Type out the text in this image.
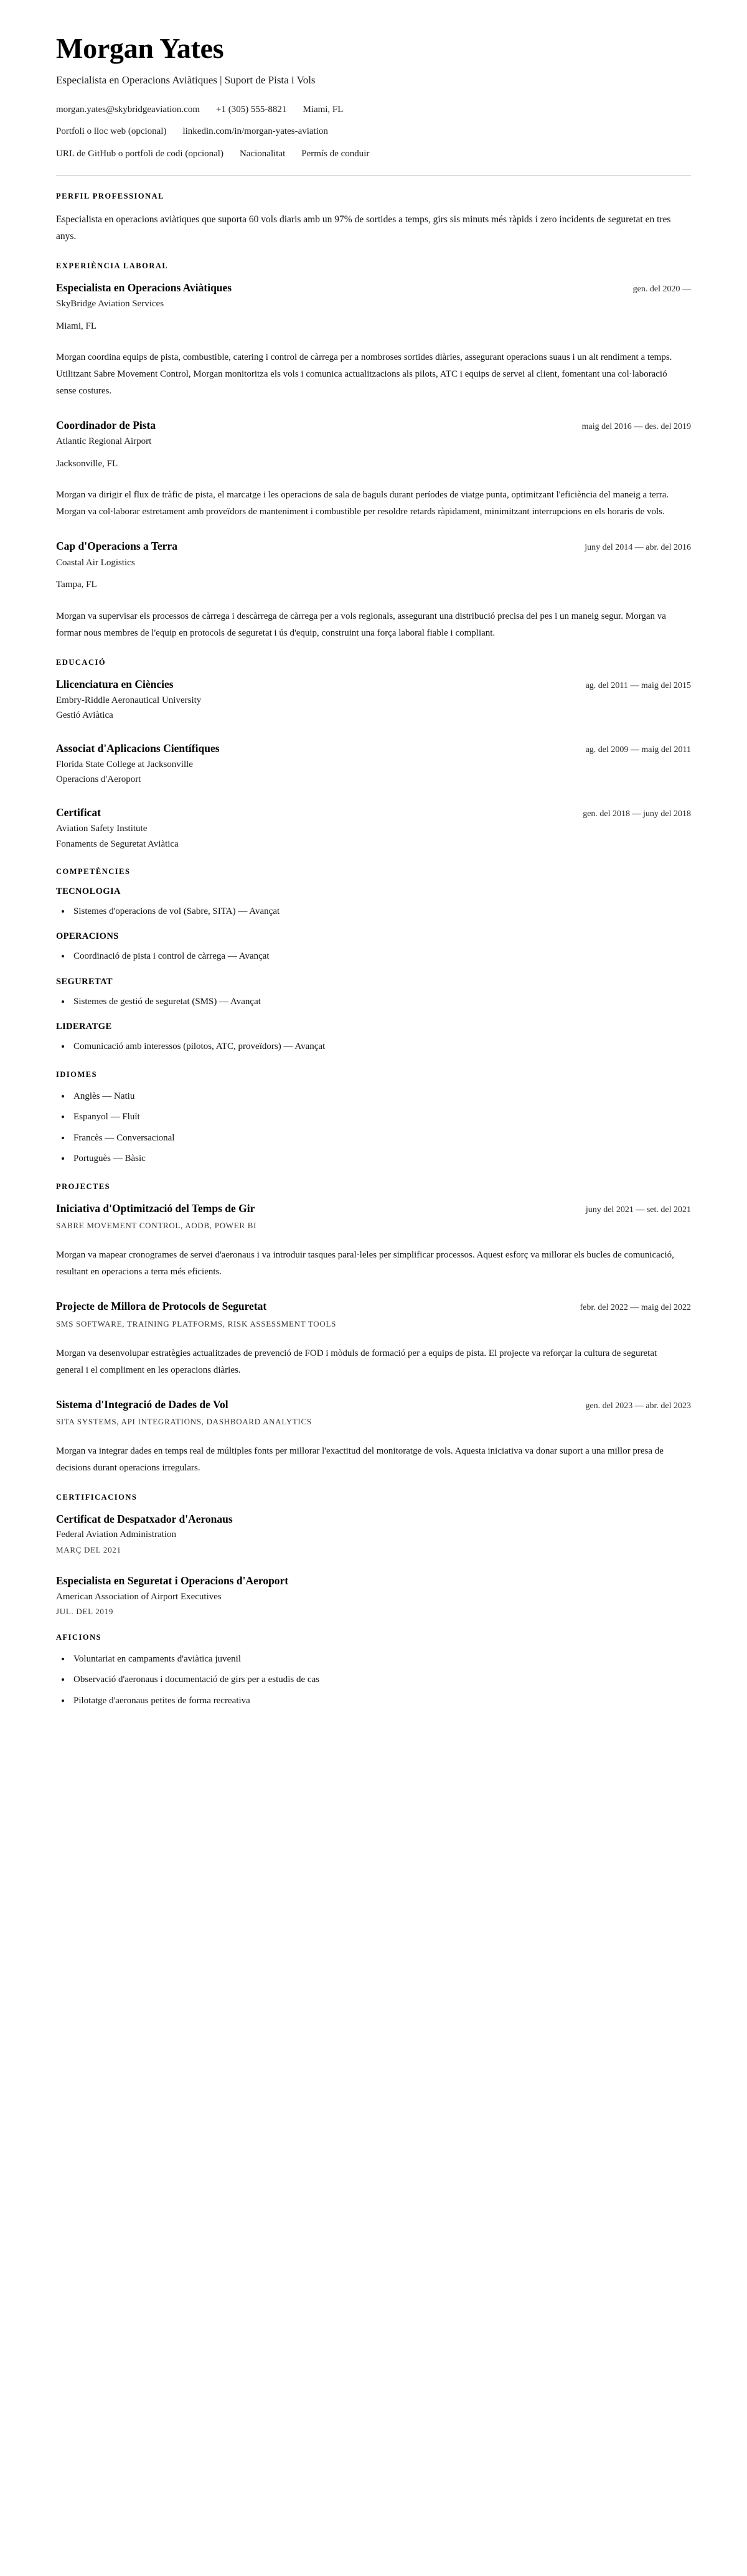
Morgan Yates
Especialista en Operacions Aviàtiques | Suport de Pista i Vols
morgan.yates@skybridgeaviation.com +1 (305) 555-8821 Miami, FL
Portfoli o lloc web (opcional) linkedin.com/in/morgan-yates-aviation
URL de GitHub o portfoli de codi (opcional) Nacionalitat Permís de conduir
PERFIL PROFESSIONAL

Especialista en operacions aviàtiques que suporta 60 vols diaris amb un 97% de sortides a temps, girs sis minuts més ràpids i zero incidents de seguretat en tres anys.

EXPERIÈNCIA LABORAL
Especialista en Operacions Aviàtiques	gen. del 2020 —
SkyBridge Aviation Services
Miami, FL

Morgan coordina equips de pista, combustible, catering i control de càrrega per a nombroses sortides diàries, assegurant operacions suaus i un alt rendiment a temps. Utilitzant Sabre Movement Control, Morgan monitoritza els vols i comunica actualitzacions als pilots, ATC i equips de servei al client, fomentant una col·laboració sense costures.

Coordinador de Pista	maig del 2016 — des. del 2019
Atlantic Regional Airport
Jacksonville, FL

Morgan va dirigir el flux de tràfic de pista, el marcatge i les operacions de sala de baguls durant períodes de viatge punta, optimitzant l'eficiència del maneig a terra. Morgan va col·laborar estretament amb proveïdors de manteniment i combustible per resoldre retards ràpidament, minimitzant interrupcions en els horaris de vols.

Cap d'Operacions a Terra	juny del 2014 — abr. del 2016
Coastal Air Logistics
Tampa, FL

Morgan va supervisar els processos de càrrega i descàrrega de càrrega per a vols regionals, assegurant una distribució precisa del pes i un maneig segur. Morgan va formar nous membres de l'equip en protocols de seguretat i ús d'equip, construint una força laboral fiable i compliant.

EDUCACIÓ
Llicenciatura en Ciències	ag. del 2011 — maig del 2015
Embry-Riddle Aeronautical University
Gestió Aviàtica
Associat d'Aplicacions Científiques	ag. del 2009 — maig del 2011
Florida State College at Jacksonville
Operacions d'Aeroport
Certificat	gen. del 2018 — juny del 2018
Aviation Safety Institute
Fonaments de Seguretat Aviàtica
COMPETÈNCIES
TECNOLOGIA
Sistemes d'operacions de vol (Sabre, SITA) — Avançat
OPERACIONS
Coordinació de pista i control de càrrega — Avançat
SEGURETAT
Sistemes de gestió de seguretat (SMS) — Avançat
LIDERATGE
Comunicació amb interessos (pilotos, ATC, proveïdors) — Avançat
IDIOMES
Anglès — Natiu
Espanyol — Fluït
Francès — Conversacional
Portuguès — Bàsic
PROJECTES
Iniciativa d'Optimització del Temps de Gir	juny del 2021 — set. del 2021
SABRE MOVEMENT CONTROL, AODB, POWER BI

Morgan va mapear cronogrames de servei d'aeronaus i va introduir tasques paral·leles per simplificar processos. Aquest esforç va millorar els bucles de comunicació, resultant en operacions a terra més eficients.

Projecte de Millora de Protocols de Seguretat	febr. del 2022 — maig del 2022
SMS SOFTWARE, TRAINING PLATFORMS, RISK ASSESSMENT TOOLS

Morgan va desenvolupar estratègies actualitzades de prevenció de FOD i mòduls de formació per a equips de pista. El projecte va reforçar la cultura de seguretat general i el compliment en les operacions diàries.

Sistema d'Integració de Dades de Vol	gen. del 2023 — abr. del 2023
SITA SYSTEMS, API INTEGRATIONS, DASHBOARD ANALYTICS

Morgan va integrar dades en temps real de múltiples fonts per millorar l'exactitud del monitoratge de vols. Aquesta iniciativa va donar suport a una millor presa de decisions durant operacions irregulars.

CERTIFICACIONS
Certificat de Despatxador d'Aeronaus
Federal Aviation Administration
MARÇ DEL 2021
Especialista en Seguretat i Operacions d'Aeroport
American Association of Airport Executives
JUL. DEL 2019
AFICIONS
Voluntariat en campaments d'aviàtica juvenil
Observació d'aeronaus i documentació de girs per a estudis de cas
Pilotatge d'aeronaus petites de forma recreativa
